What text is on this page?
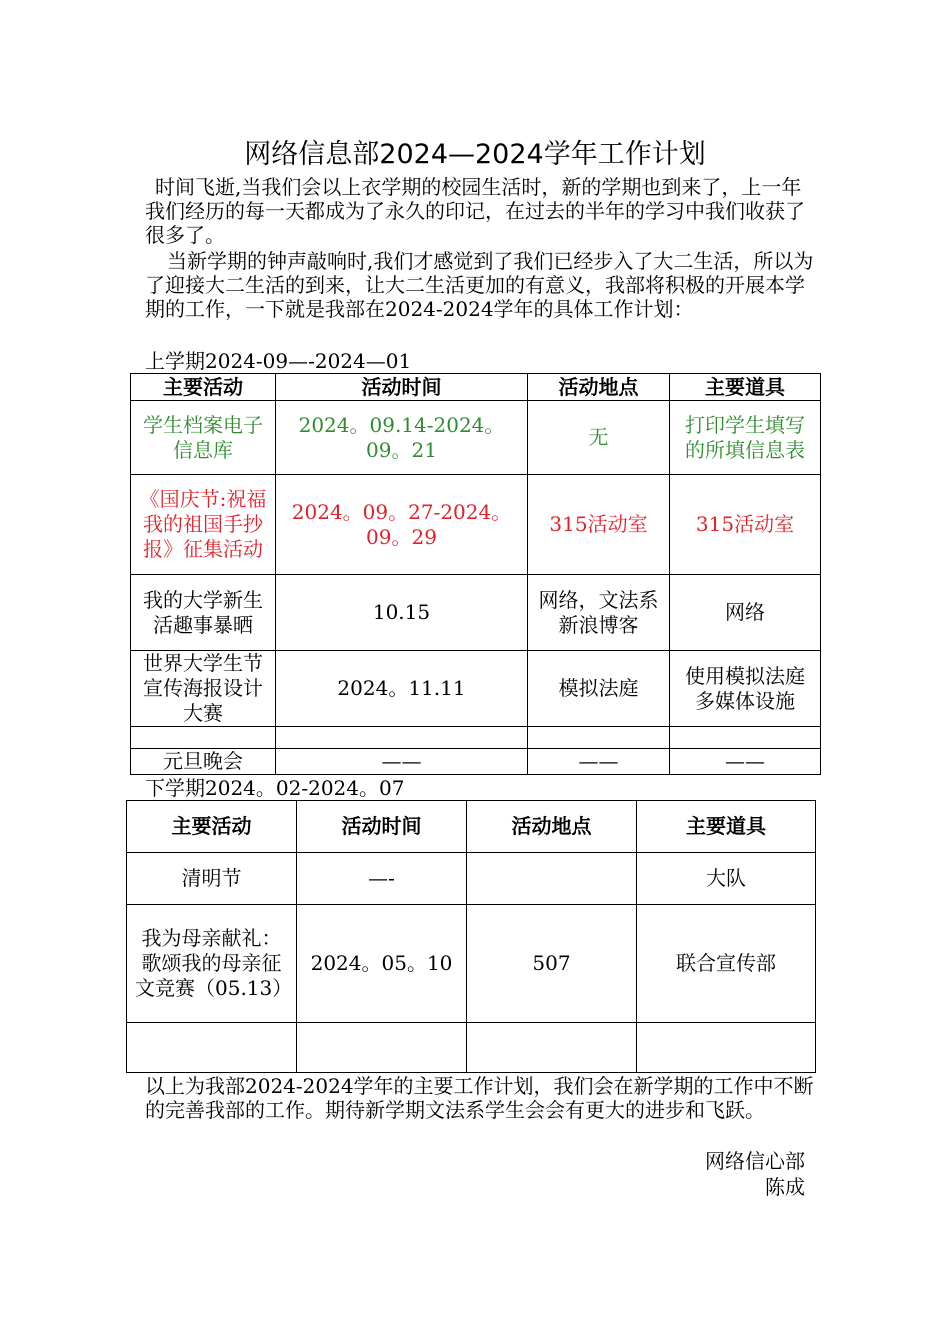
网络信息部2024—2024学年工作计划

时间飞逝,当我们会以上衣学期的校园生活时，新的学期也到来了，上一年我们经历的每一天都成为了永久的印记，在过去的半年的学习中我们收获了很多了。

当新学期的钟声敲响时,我们才感觉到了我们已经步入了大二生活，所以为了迎接大二生活的到来，让大二生活更加的有意义，我部将积极的开展本学期的工作，一下就是我部在2024-2024学年的具体工作计划：

上学期2024-09—-2024—01
主要活动	活动时间	活动地点	主要道具
学生档案电子信息库	2024。09.14-2024。09。21	无	打印学生填写的所填信息表
《国庆节:祝福我的祖国手抄报》征集活动	2024。09。27-2024。09。29	315活动室	315活动室
我的大学新生活趣事暴晒	10.15	网络，文法系新浪博客	网络
世界大学生节宣传海报设计大赛	2024。11.11	模拟法庭	使用模拟法庭多媒体设施

元旦晚会	——	——	——
下学期2024。02-2024。07
主要活动	活动时间	活动地点	主要道具
清明节	—-		大队
我为母亲献礼：歌颂我的母亲征文竞赛（05.13）	2024。05。10	507	联合宣传部

以上为我部2024-2024学年的主要工作计划，我们会在新学期的工作中不断的完善我部的工作。期待新学期文法系学生会会有更大的进步和飞跃。

网络信心部
陈成
